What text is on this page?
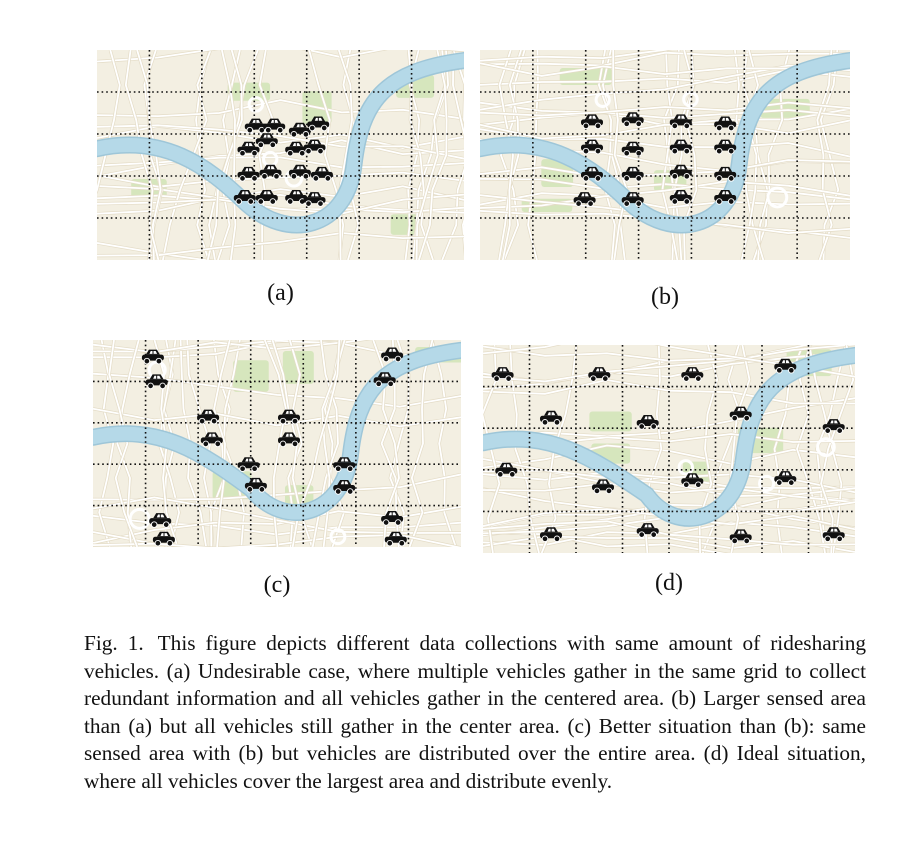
(a)	(b)
(c)	(d)
Fig. 1. This figure depicts different data collections with same amount of ridesharing vehicles. (a) Undesirable case, where multiple vehicles gather in the same grid to collect redundant information and all vehicles gather in the centered area. (b) Larger sensed area than (a) but all vehicles still gather in the center area. (c) Better situation than (b): same sensed area with (b) but vehicles are distributed over the entire area. (d) Ideal situation, where all vehicles cover the largest area and distribute evenly.
